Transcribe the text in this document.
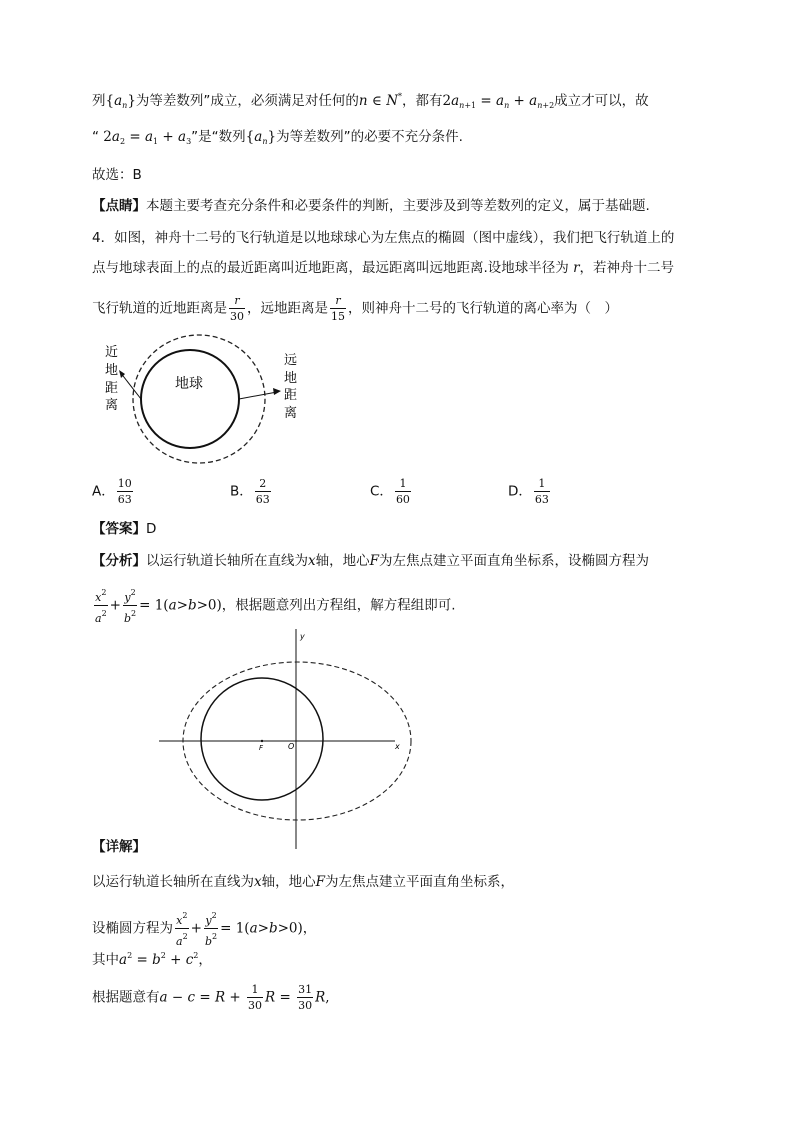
列$\{a_n\}$为等差数列”成立，必须满足对任何的n ∈ N*，都有$2a_{n+1} = a_n + a_{n+2}$成立才可以，故
“ $2a_2 = a_1 + a_3$”是“数列$\{a_n\}$为等差数列”的必要不充分条件.
故选：B
【点睛】本题主要考查充分条件和必要条件的判断，主要涉及到等差数列的定义，属于基础题.
4．如图，神舟十二号的飞行轨道是以地球球心为左焦点的椭圆（图中虚线），我们把飞行轨道上的
点与地球表面上的点的最近距离叫近地距离，最远距离叫远地距离.设地球半径为 r，若神舟十二号
飞行轨道的近地距离是 $\frac{r}{30}$ ，远地距离是 $\frac{r}{15}$ ，则神舟十二号的飞行轨道的离心率为（　）
地球
近
地
距
离
远
地
距
离
A． $\frac{10}{63}$	B． $\frac{2}{63}$	C． $\frac{1}{60}$	D． $\frac{1}{63}$
【答案】D
【分析】以运行轨道长轴所在直线为x轴，地心F为左焦点建立平面直角坐标系，设椭圆方程为
$\frac{x^2}{a^2} + \frac{y^2}{b^2} = 1(a>b>0)$，根据题意列出方程组，解方程组即可.
y
x
O
F
【详解】
以运行轨道长轴所在直线为x轴，地心F为左焦点建立平面直角坐标系，
设椭圆方程为 $\frac{x^2}{a^2} + \frac{y^2}{b^2} = 1(a>b>0)$，
其中$a^2 = b^2 + c^2$，
根据题意有$a - c = R + \frac{1}{30}$ $R = \frac{31}{30} R$,
